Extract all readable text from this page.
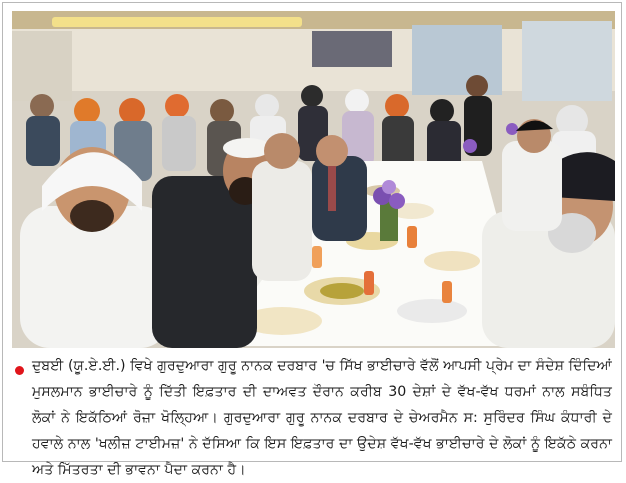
ਦੁਬਈ (ਯੂ.ਏ.ਈ.) ਵਿਖੇ ਗੁਰਦੁਆਰਾ ਗੁਰੂ ਨਾਨਕ ਦਰਬਾਰ 'ਚ ਸਿੱਖ ਭਾਈਚਾਰੇ ਵੱਲੋਂ ਆਪਸੀ ਪ੍ਰੇਮ ਦਾ ਸੰਦੇਸ਼ ਦਿੰਦਿਆਂ ਮੁਸਲਮਾਨ ਭਾਈਚਾਰੇ ਨੂੰ ਦਿੱਤੀ ਇਫ਼ਤਾਰ ਦੀ ਦਾਅਵਤ ਦੌਰਾਨ ਕਰੀਬ 30 ਦੇਸ਼ਾਂ ਦੇ ਵੱਖ-ਵੱਖ ਧਰਮਾਂ ਨਾਲ ਸਬੰਧਿਤ ਲੋਕਾਂ ਨੇ ਇਕੱਠਿਆਂ ਰੋਜ਼ਾ ਖੋਲ੍ਹਿਆ। ਗੁਰਦੁਆਰਾ ਗੁਰੂ ਨਾਨਕ ਦਰਬਾਰ ਦੇ ਚੇਅਰਮੈਨ ਸ: ਸੁਰਿੰਦਰ ਸਿੰਘ ਕੰਧਾਰੀ ਦੇ ਹਵਾਲੇ ਨਾਲ 'ਖਲੀਜ਼ ਟਾਈਮਜ਼' ਨੇ ਦੱਸਿਆ ਕਿ ਇਸ ਇਫ਼ਤਾਰ ਦਾ ਉਦੇਸ਼ ਵੱਖ-ਵੱਖ ਭਾਈਚਾਰੇ ਦੇ ਲੋਕਾਂ ਨੂੰ ਇਕੱਠੇ ਕਰਨਾ ਅਤੇ ਮਿੱਤਰਤਾ ਦੀ ਭਾਵਨਾ ਪੈਦਾ ਕਰਨਾ ਹੈ।
